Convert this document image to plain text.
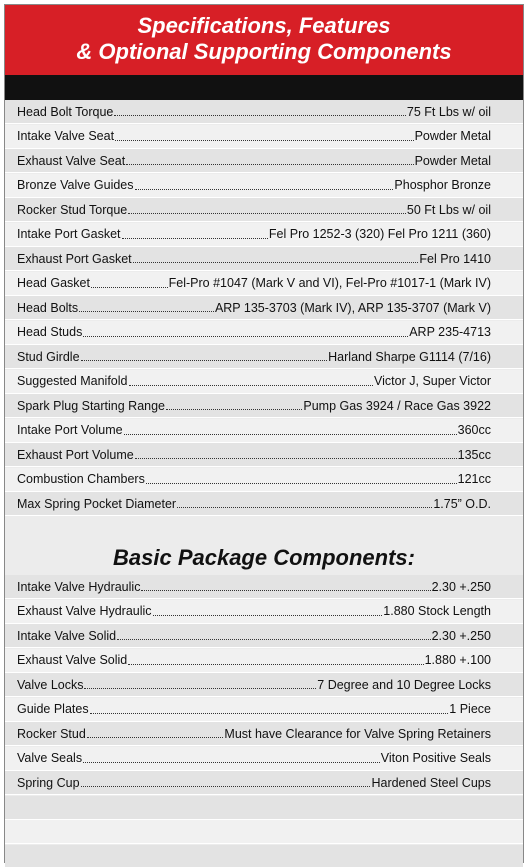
Specifications, Features
& Optional Supporting Components
Head Bolt Torque	75 Ft Lbs w/ oil
Intake Valve Seat	Powder Metal
Exhaust Valve Seat	Powder Metal
Bronze Valve Guides	Phosphor Bronze
Rocker Stud Torque	50 Ft Lbs w/ oil
Intake Port Gasket	Fel Pro 1252-3 (320) Fel Pro 1211 (360)
Exhaust Port Gasket	Fel Pro 1410
Head Gasket	Fel-Pro #1047 (Mark V and VI), Fel-Pro #1017-1 (Mark IV)
Head Bolts	ARP 135-3703 (Mark IV), ARP 135-3707 (Mark V)
Head Studs	ARP 235-4713
Stud Girdle	Harland Sharpe G1114 (7/16)
Suggested Manifold	Victor J, Super Victor
Spark Plug Starting Range	Pump Gas 3924 / Race Gas 3922
Intake Port Volume	360cc
Exhaust Port Volume	135cc
Combustion Chambers	121cc
Max Spring Pocket Diameter	1.75” O.D.
Basic Package Components:
Intake Valve Hydraulic	2.30 +.250
Exhaust Valve Hydraulic	1.880 Stock Length
Intake Valve Solid	2.30 +.250
Exhaust Valve Solid	1.880 +.100
Valve Locks	7 Degree and 10 Degree Locks
Guide Plates	1 Piece
Rocker Stud	Must have Clearance for Valve Spring Retainers
Valve Seals	Viton Positive Seals
Spring Cup	Hardened Steel Cups
